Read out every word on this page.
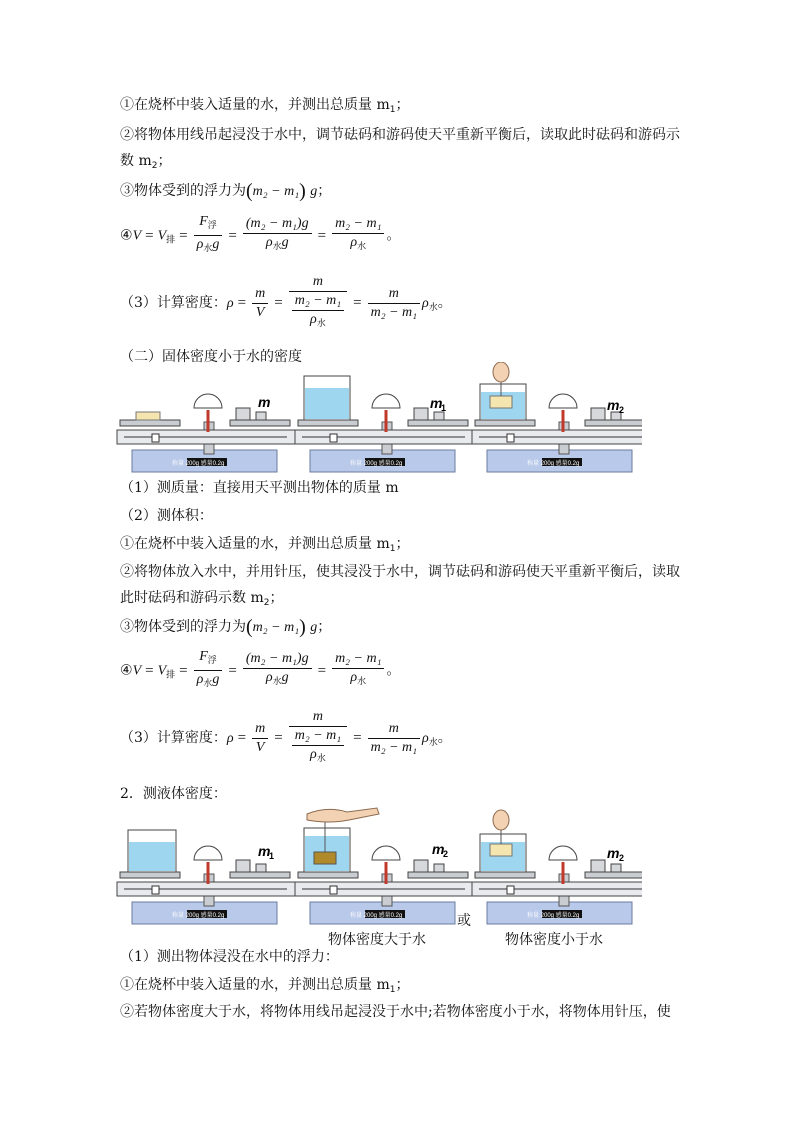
①在烧杯中装入适量的水，并测出总质量 $m_1$；
②将物体用线吊起浸没于水中，调节砝码和游码使天平重新平衡后，读取此时砝码和游码示
数 $m_2$；
③物体受到的浮力为(m₂ − m₁) g；
④V = $V_排 = \frac{F_浮}{\rho_水g} = \frac{\text{(m₂ − m₁)g}}{\rho_水g} = \frac{\text{m₂ − m₁}}{\rho_水}$ 。
（3）计算密度：$\rho = \frac{m}{V} = \frac{m}{\frac{\text{m₂ − m₁}}{\rho_水}} = \frac{m}{\text{m₂ − m₁}} \rho_水$。
（二）固体密度小于水的密度
m
称量 200g 感量0.2g
m
1
称量 200g 感量0.2g
m 2
称量 200g 感量0.2g
（1）测质量：直接用天平测出物体的质量 m
（2）测体积：
①在烧杯中装入适量的水，并测出总质量 $m_1$；
②将物体放入水中，并用针压，使其浸没于水中，调节砝码和游码使天平重新平衡后，读取
此时砝码和游码示数 $m_2$；
③物体受到的浮力为(m₂ − m₁) g；
④V = $V_排 = \frac{F_浮}{\rho_水g} = \frac{\text{(m₂ − m₁)g}}{\rho_水g} = \frac{\text{m₂ − m₁}}{\rho_水}$ 。
（3）计算密度：$\rho = \frac{m}{V} = \frac{m}{\frac{\text{m₂ − m₁}}{\rho_水}} = \frac{m}{\text{m₂ − m₁}} \rho_水$。
2．测液体密度：
m
1
称量 200g 感量0.2g
m
2
称量 200g 感量0.2g
m 2
称量 200g 感量0.2g
或
物体密度大于水	物体密度小于水
（1）测出物体浸没在水中的浮力：
①在烧杯中装入适量的水，并测出总质量 $m_1$；
②若物体密度大于水，将物体用线吊起浸没于水中;若物体密度小于水，将物体用针压，使
